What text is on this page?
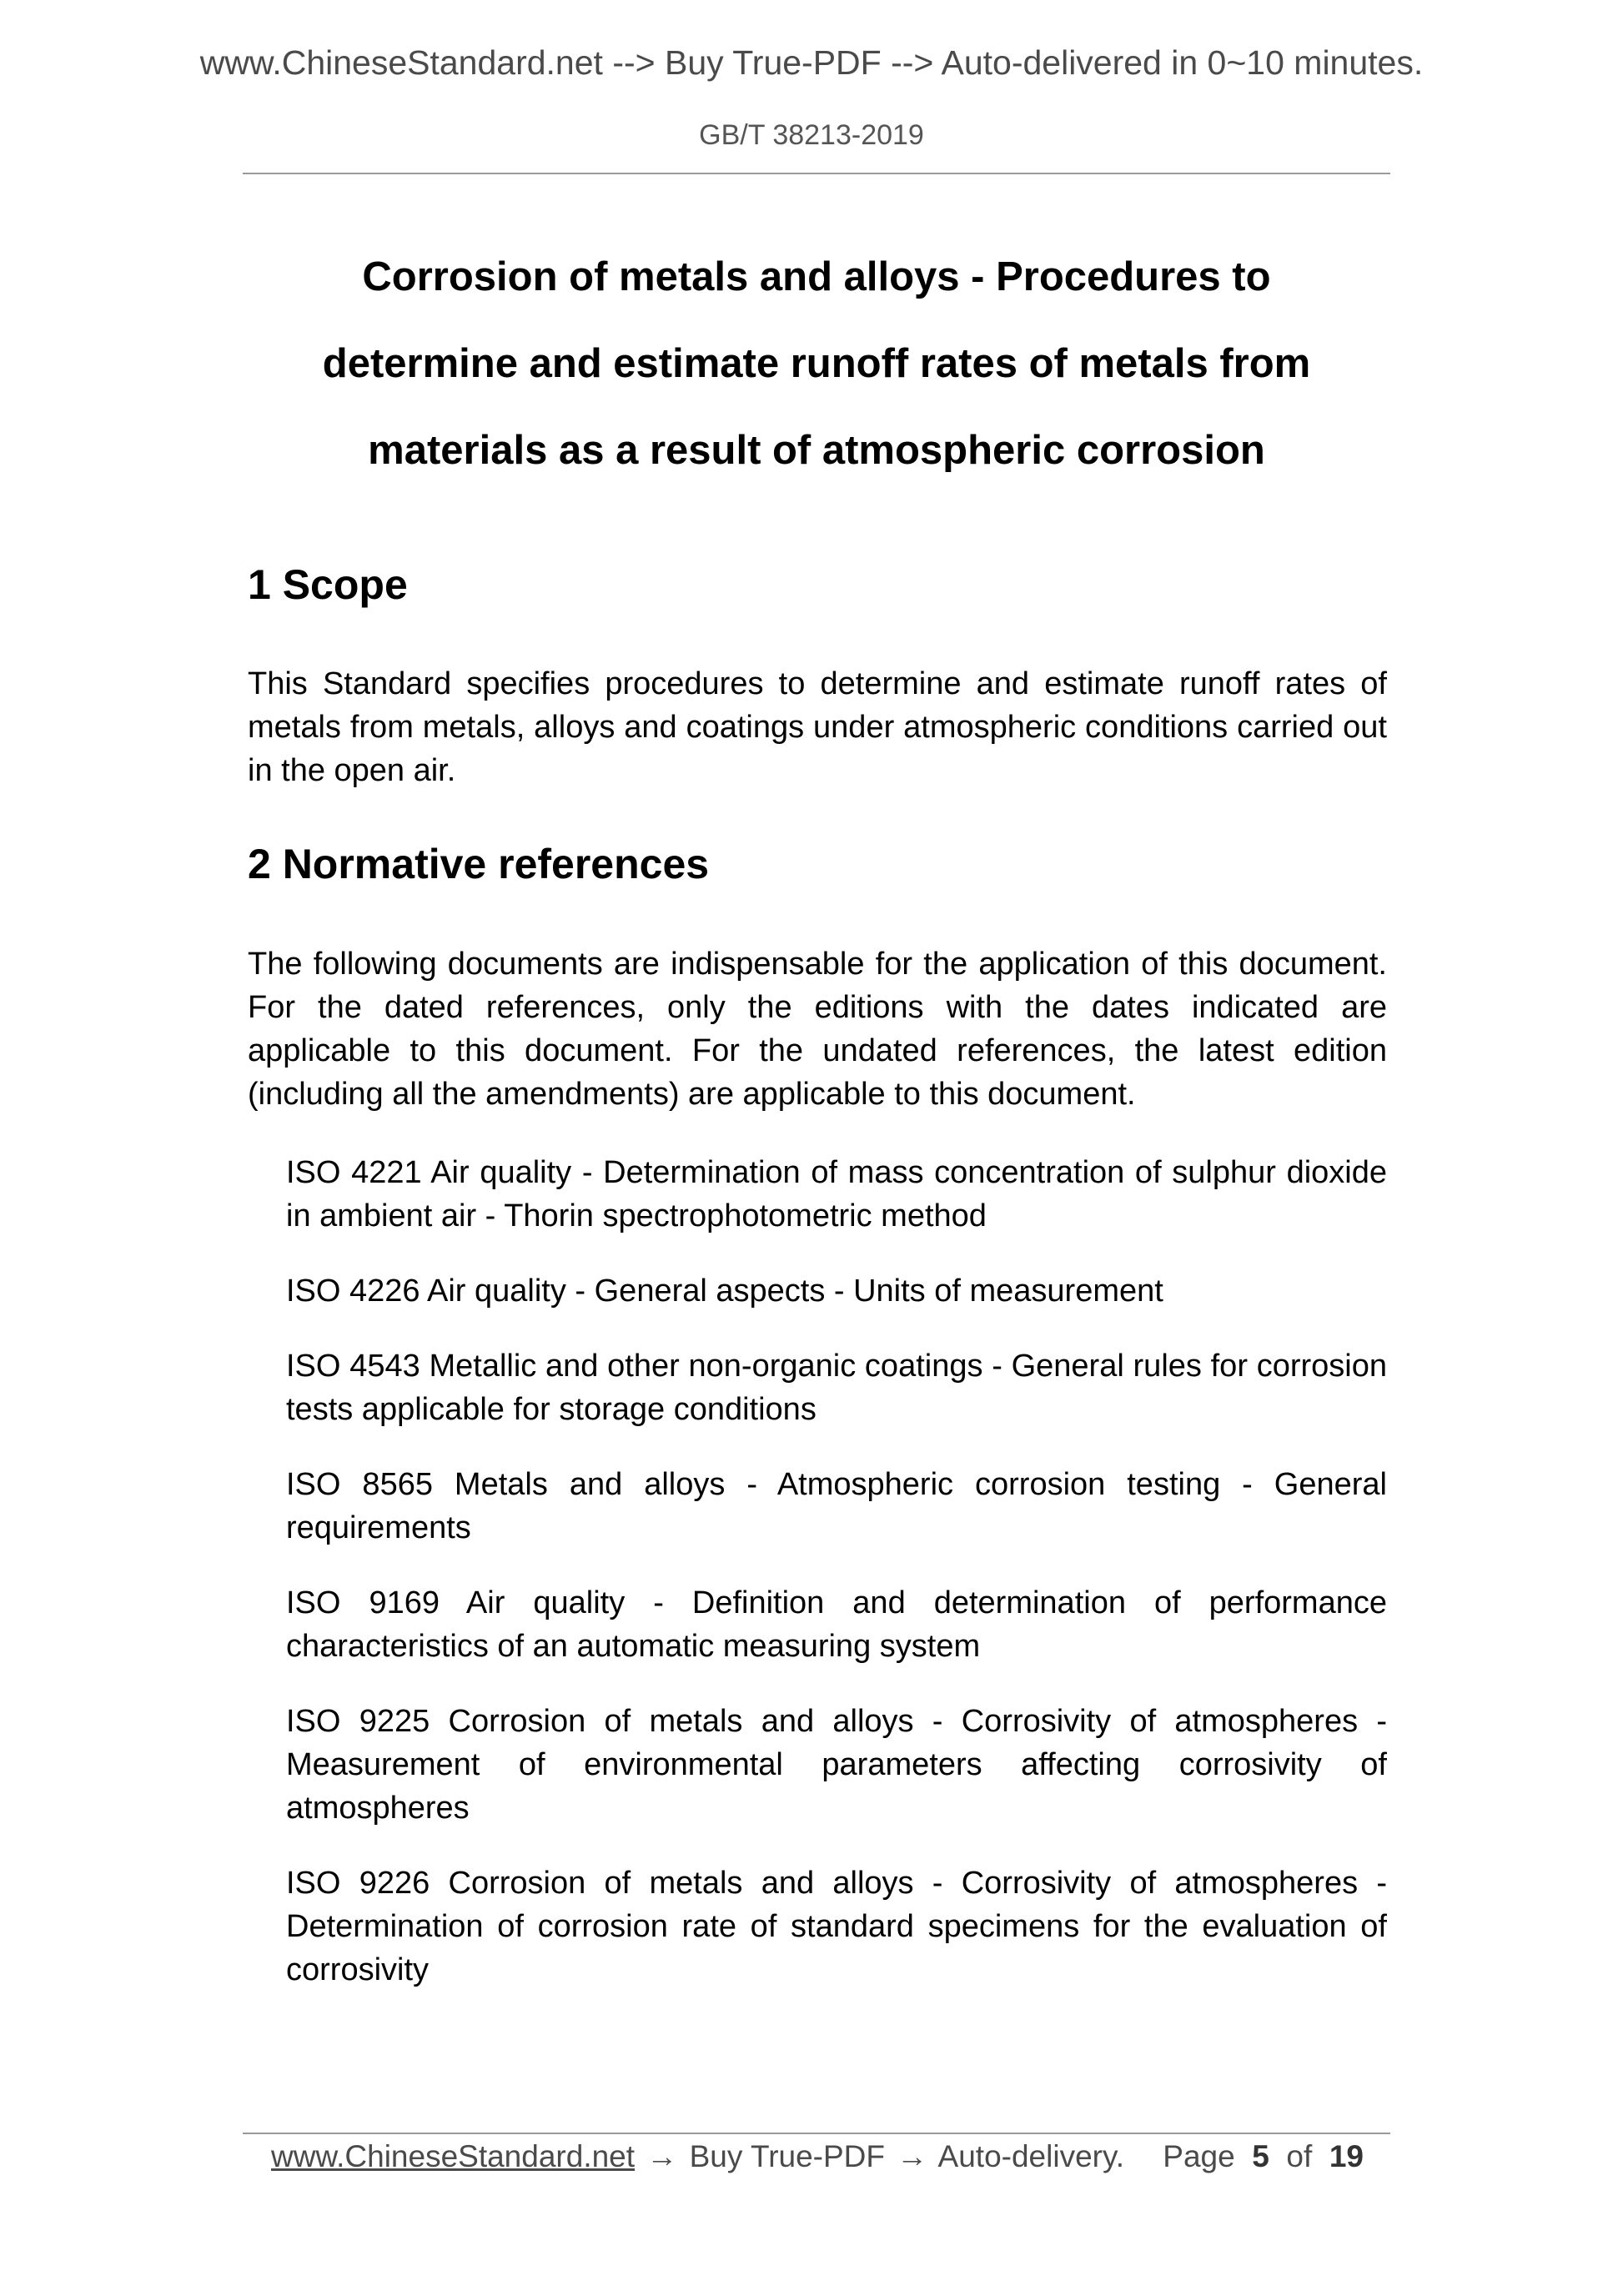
www.ChineseStandard.net --> Buy True-PDF --> Auto-delivered in 0~10 minutes.
GB/T 38213-2019
Corrosion of metals and alloys - Procedures to
determine and estimate runoff rates of metals from
materials as a result of atmospheric corrosion
1 Scope

This Standard specifies procedures to determine and estimate runoff rates of metals from metals, alloys and coatings under atmospheric conditions carried out in the open air.

2 Normative references

The following documents are indispensable for the application of this document. For the dated references, only the editions with the dates indicated are applicable to this document. For the undated references, the latest edition (including all the amendments) are applicable to this document.

ISO 4221 Air quality - Determination of mass concentration of sulphur dioxide in ambient air - Thorin spectrophotometric method
ISO 4226 Air quality - General aspects - Units of measurement
ISO 4543 Metallic and other non-organic coatings - General rules for corrosion tests applicable for storage conditions
ISO 8565 Metals and alloys - Atmospheric corrosion testing - General requirements
ISO 9169 Air quality - Definition and determination of performance characteristics of an automatic measuring system
ISO 9225 Corrosion of metals and alloys - Corrosivity of atmospheres - Measurement of environmental parameters affecting corrosivity of atmospheres
ISO 9226 Corrosion of metals and alloys - Corrosivity of atmospheres - Determination of corrosion rate of standard specimens for the evaluation of corrosivity
www.ChineseStandard.net → Buy True-PDF → Auto-delivery. Page 5 of 19
